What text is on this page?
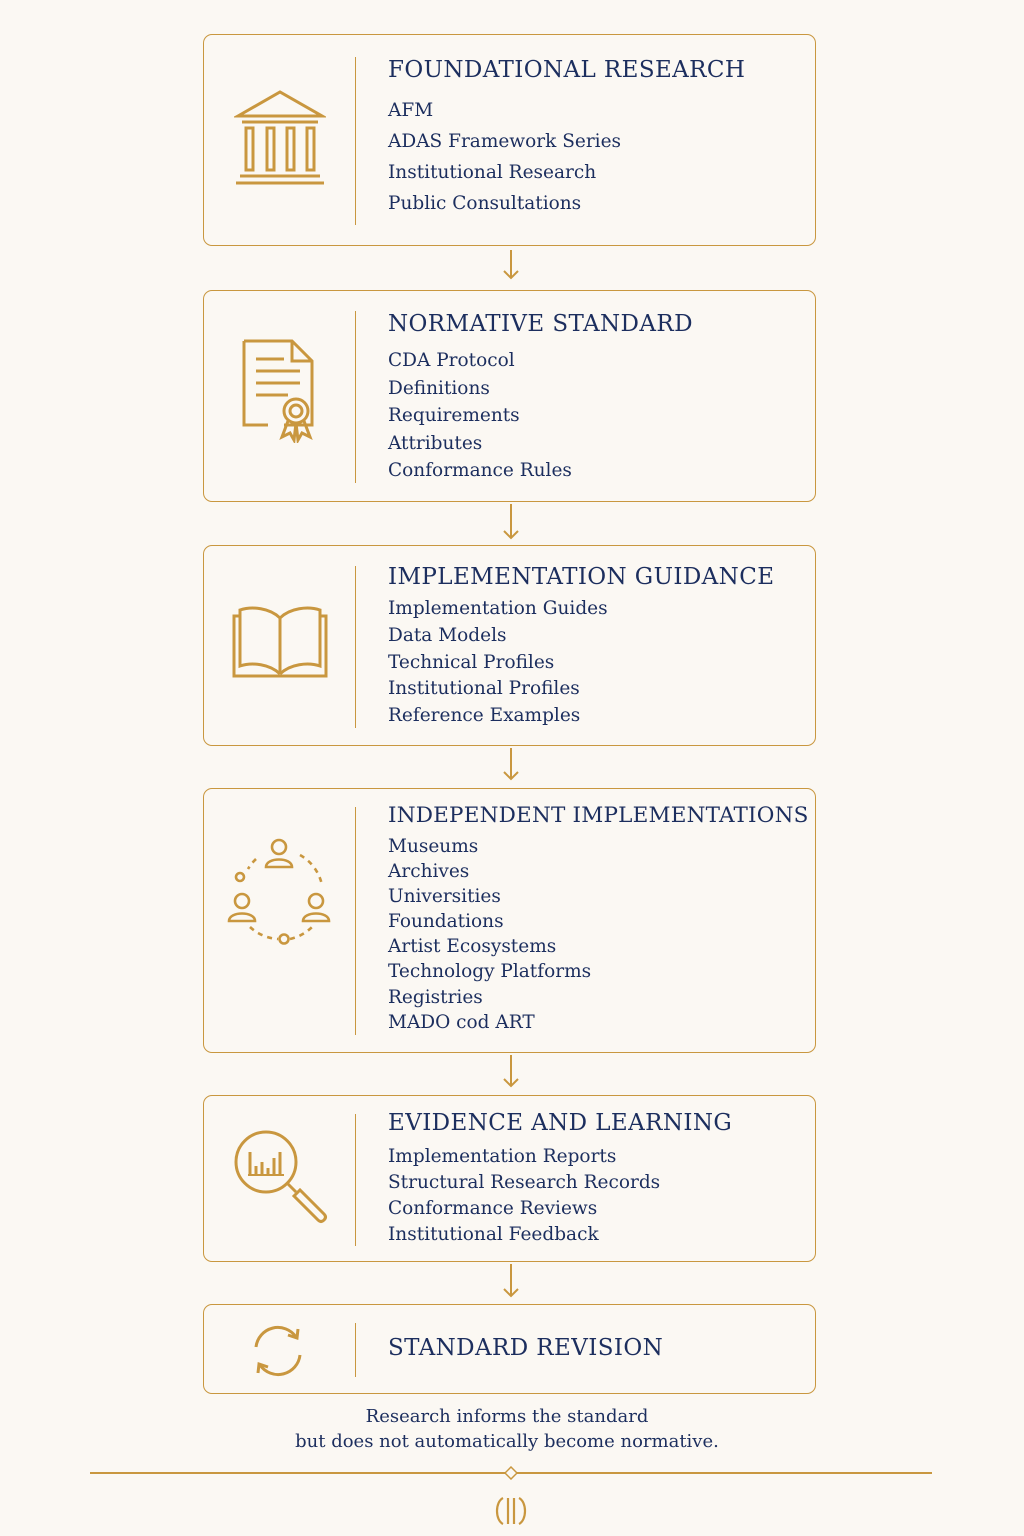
FOUNDATIONAL RESEARCH
AFM
ADAS Framework Series
Institutional Research
Public Consultations
NORMATIVE STANDARD
CDA Protocol
Definitions
Requirements
Attributes
Conformance Rules
IMPLEMENTATION GUIDANCE
Implementation Guides
Data Models
Technical Profiles
Institutional Profiles
Reference Examples
INDEPENDENT IMPLEMENTATIONS
Museums
Archives
Universities
Foundations
Artist Ecosystems
Technology Platforms
Registries
MADO cod ART
EVIDENCE AND LEARNING
Implementation Reports
Structural Research Records
Conformance Reviews
Institutional Feedback
STANDARD REVISION
Research informs the standard
but does not automatically become normative.
